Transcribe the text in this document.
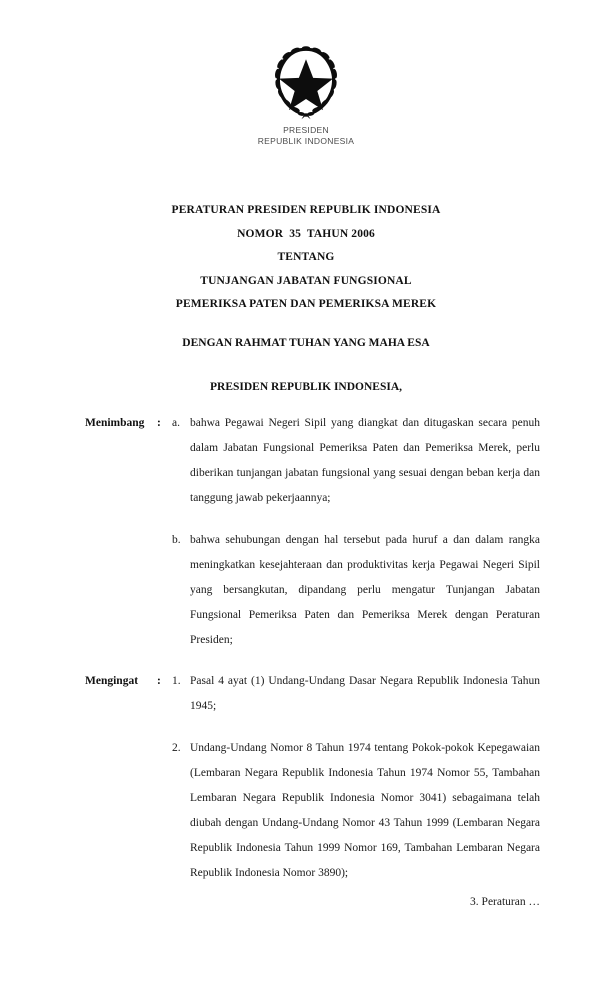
PRESIDEN
REPUBLIK INDONESIA
PERATURAN PRESIDEN REPUBLIK INDONESIA
NOMOR  35  TAHUN 2006
TENTANG
TUNJANGAN JABATAN FUNGSIONAL
PEMERIKSA PATEN DAN PEMERIKSA MEREK
DENGAN RAHMAT TUHAN YANG MAHA ESA
PRESIDEN REPUBLIK INDONESIA,
Menimbang	: a. bahwa Pegawai Negeri Sipil yang diangkat dan ditugaskan secara penuh dalam Jabatan Fungsional Pemeriksa Paten dan Pemeriksa Merek, perlu diberikan tunjangan jabatan fungsional yang sesuai dengan beban kerja dan tanggung jawab pekerjaannya;
b. bahwa sehubungan dengan hal tersebut pada huruf a dan dalam rangka meningkatkan kesejahteraan dan produktivitas kerja Pegawai Negeri Sipil yang bersangkutan, dipandang perlu mengatur Tunjangan Jabatan Fungsional Pemeriksa Paten dan Pemeriksa Merek dengan Peraturan Presiden;
Mengingat	: 1. Pasal 4 ayat (1) Undang-Undang Dasar Negara Republik Indonesia Tahun 1945;
2. Undang-Undang Nomor 8 Tahun 1974 tentang Pokok-pokok Kepegawaian (Lembaran Negara Republik Indonesia Tahun 1974 Nomor 55, Tambahan Lembaran Negara Republik Indonesia Nomor 3041) sebagaimana telah diubah dengan Undang-Undang Nomor 43 Tahun 1999 (Lembaran Negara Republik Indonesia Tahun 1999 Nomor 169, Tambahan Lembaran Negara Republik Indonesia Nomor 3890);
3. Peraturan …
